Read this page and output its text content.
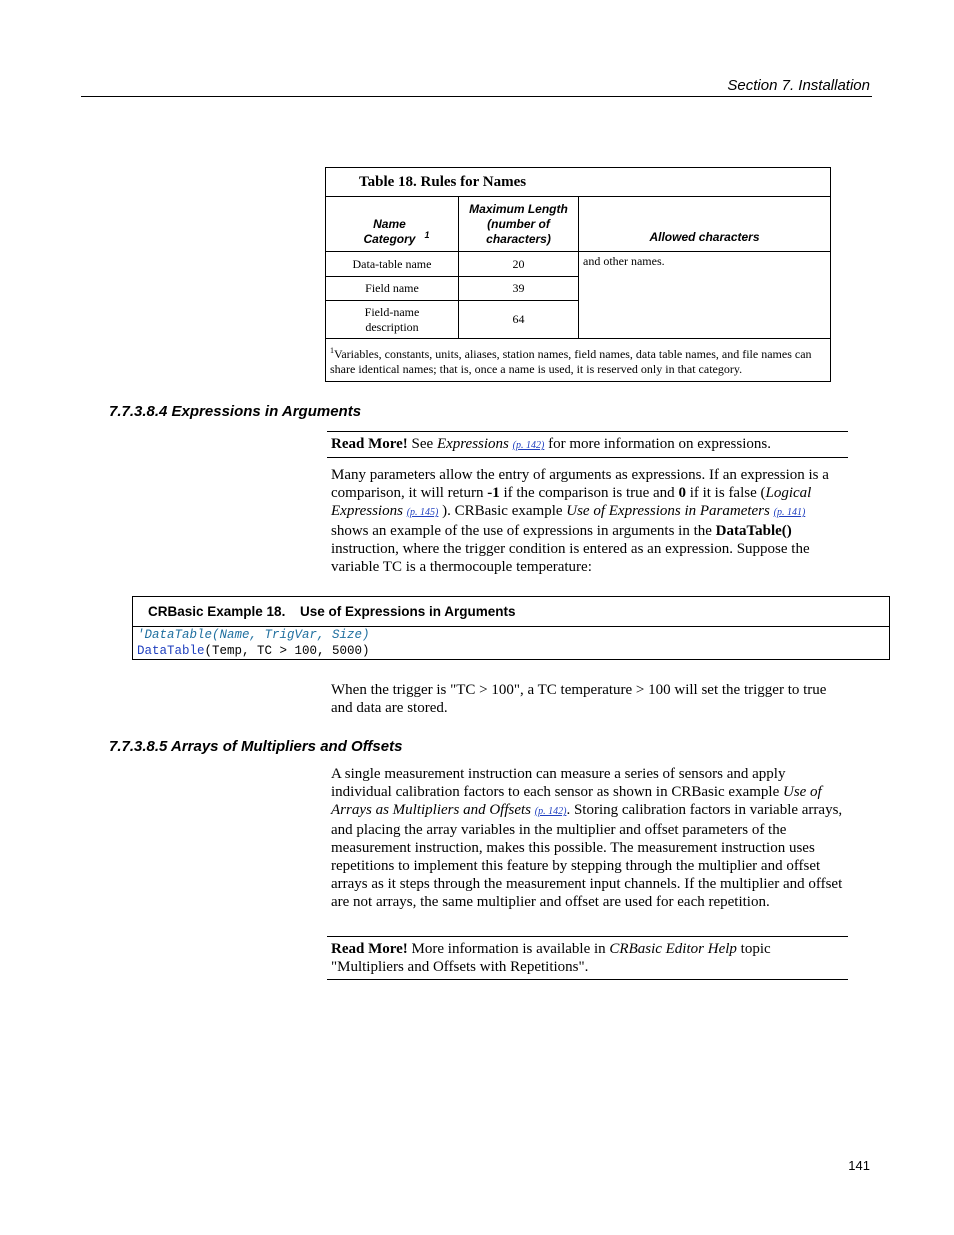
Section 7. Installation
Table 18. Rules for Names		
Name Category $^1$	Maximum Length (number of characters)	Allowed characters
Data-table name	20	and other names.
Field name	39	
Field-name description	64	
$^1$Variables, constants, units, aliases, station names, field names, data table names, and file names can share identical names; that is, once a name is used, it is reserved only in that category.		
7.7.3.8.4 Expressions in Arguments
Read More! See Expressions (p. 142) for more information on expressions.
Many parameters allow the entry of arguments as expressions. If an expression is a comparison, it will return -1 if the comparison is true and 0 if it is false (Logical Expressions (p. 145) ). CRBasic example Use of Expressions in Parameters (p. 141) shows an example of the use of expressions in arguments in the DataTable() instruction, where the trigger condition is entered as an expression. Suppose the variable TC is a thermocouple temperature:
CRBasic Example 18. Use of Expressions in Arguments
'DataTable(Name, TrigVar, Size)
DataTable(Temp, TC > 100, 5000)
When the trigger is "TC > 100", a TC temperature > 100 will set the trigger to true and data are stored.
7.7.3.8.5 Arrays of Multipliers and Offsets
A single measurement instruction can measure a series of sensors and apply individual calibration factors to each sensor as shown in CRBasic example Use of Arrays as Multipliers and Offsets (p. 142). Storing calibration factors in variable arrays, and placing the array variables in the multiplier and offset parameters of the measurement instruction, makes this possible. The measurement instruction uses repetitions to implement this feature by stepping through the multiplier and offset arrays as it steps through the measurement input channels. If the multiplier and offset are not arrays, the same multiplier and offset are used for each repetition.
Read More! More information is available in CRBasic Editor Help topic "Multipliers and Offsets with Repetitions".
141
